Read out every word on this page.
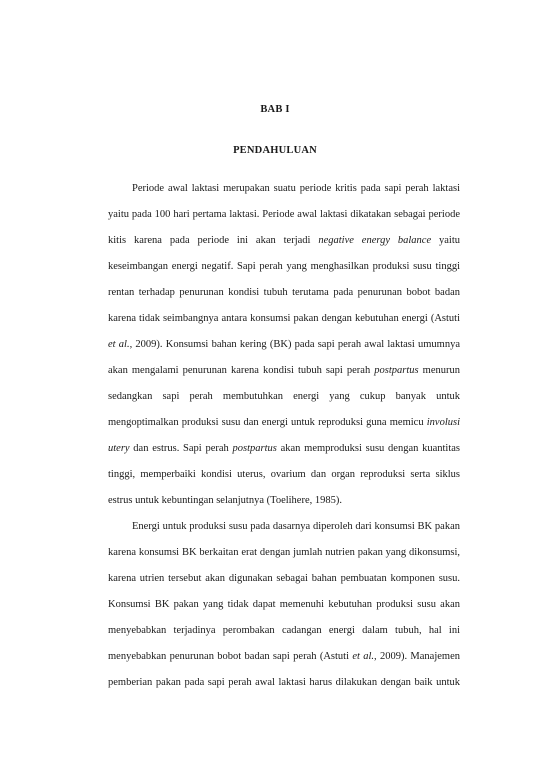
BAB I
PENDAHULUAN
Periode awal laktasi merupakan suatu periode kritis pada sapi perah laktasi
yaitu pada 100 hari pertama laktasi. Periode awal laktasi dikatakan sebagai periode
kitis karena pada periode ini akan terjadi negative energy balance yaitu
keseimbangan energi negatif. Sapi perah yang menghasilkan produksi susu tinggi
rentan terhadap penurunan kondisi tubuh terutama pada penurunan bobot badan
karena tidak seimbangnya antara konsumsi pakan dengan kebutuhan energi (Astuti
et al., 2009). Konsumsi bahan kering (BK) pada sapi perah awal laktasi umumnya
akan mengalami penurunan karena kondisi tubuh sapi perah postpartus menurun
sedangkan sapi perah membutuhkan energi yang cukup banyak untuk
mengoptimalkan produksi susu dan energi untuk reproduksi guna memicu involusi
utery dan estrus. Sapi perah postpartus akan memproduksi susu dengan kuantitas
tinggi, memperbaiki kondisi uterus, ovarium dan organ reproduksi serta siklus
estrus untuk kebuntingan selanjutnya (Toelihere, 1985).
Energi untuk produksi susu pada dasarnya diperoleh dari konsumsi BK pakan
karena konsumsi BK berkaitan erat dengan jumlah nutrien pakan yang dikonsumsi,
karena utrien tersebut akan digunakan sebagai bahan pembuatan komponen susu.
Konsumsi BK pakan yang tidak dapat memenuhi kebutuhan produksi susu akan
menyebabkan terjadinya perombakan cadangan energi dalam tubuh, hal ini
menyebabkan penurunan bobot badan sapi perah (Astuti et al., 2009). Manajemen
pemberian pakan pada sapi perah awal laktasi harus dilakukan dengan baik untuk
